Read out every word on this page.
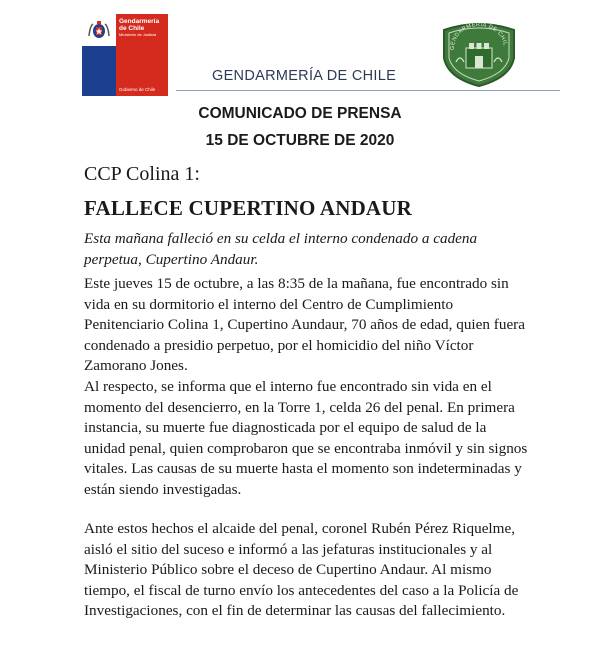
Gendarmería
de Chile
Ministerio de Justicia
Gobierno de Chile
GENDARMERIA DE CHIL
GENDARMERÍA DE CHILE
COMUNICADO DE PRENSA
15 DE OCTUBRE DE 2020
CCP Colina 1:
FALLECE CUPERTINO ANDAUR
Esta mañana falleció en su celda el interno condenado a cadena perpetua, Cupertino Andaur.
Este jueves 15 de octubre, a las 8:35 de la mañana, fue encontrado sin vida en su dormitorio el interno del Centro de Cumplimiento Penitenciario Colina 1, Cupertino Aundaur, 70 años de edad, quien fuera condenado a presidio perpetuo, por el homicidio del niño Víctor Zamorano Jones.
Al respecto, se informa que el interno fue encontrado sin vida en el momento del desencierro, en la Torre 1, celda 26 del penal. En primera instancia, su muerte fue diagnosticada por el equipo de salud de la unidad penal, quien comprobaron que se encontraba inmóvil y sin signos vitales. Las causas de su muerte hasta el momento son indeterminadas y están siendo investigadas.
Ante estos hechos el alcaide del penal, coronel Rubén Pérez Riquelme, aisló el sitio del suceso e informó a las jefaturas institucionales y al Ministerio Público sobre el deceso de Cupertino Andaur. Al mismo tiempo, el fiscal de turno envío los antecedentes del caso a la Policía de Investigaciones, con el fin de determinar las causas del fallecimiento.
